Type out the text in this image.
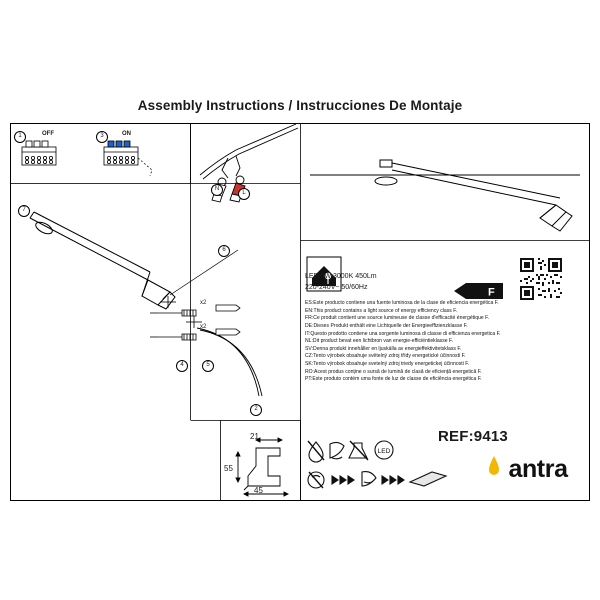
Assembly Instructions / Instrucciones De Montaje
1	3
7
6
4	5
2
N
L
OFF	ON
x2
x2
21
55
45
LED 5W 3000K 450Lm
220-240V~ 50/60Hz	F
ES:Este producto contiene una fuente luminosa de la clase de eficiencia energética F.
EN:This product contains a light source of energy efficiency class F.
FR:Ce produit contient une source lumineuse de classe d'efficacité énergétique F.
DE:Dieses Produkt enthält eine Lichtquelle der Energieeffizienzklasse F.
IT:Questo prodotto contiene una sorgente luminosa di classe di efficienza energetica F.
NL:Dit product bevat een lichtbron van energie-efficiëntieklasse F.
SV:Denna produkt innehåller en ljuskälla av energieffektivitetsklass F.
CZ:Tento výrobek obsahuje světelný zdroj třídy energetické účinnosti F.
SK:Tento výrobok obsahuje svetelný zdroj triedy energetickej účinnosti F.
RO:Acest produs conține o sursă de lumină de clasă de eficiență energetică F.
PT:Este produto contém uma fonte de luz de classe de eficiência energética F.
LED
REF:9413
antra
